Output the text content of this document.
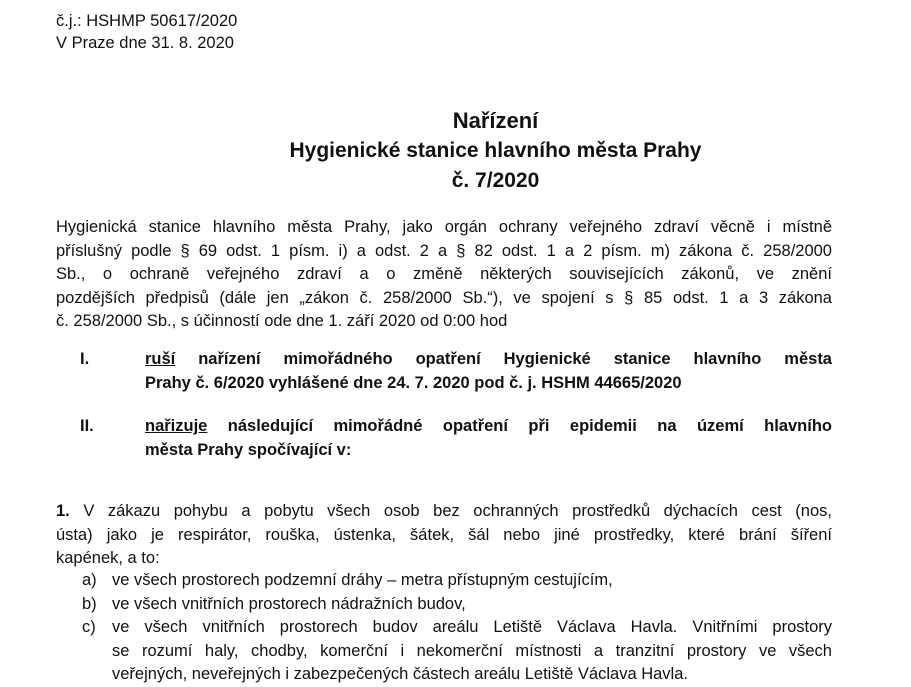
č.j.: HSHMP 50617/2020
V Praze dne 31. 8. 2020
Nařízení
Hygienické stanice hlavního města Prahy
č. 7/2020
Hygienická stanice hlavního města Prahy, jako orgán ochrany veřejného zdraví věcně i místně
příslušný podle § 69 odst. 1 písm. i) a odst. 2 a § 82 odst. 1 a 2 písm. m) zákona č. 258/2000
Sb., o ochraně veřejného zdraví a o změně některých souvisejících zákonů, ve znění
pozdějších předpisů (dále jen „zákon č. 258/2000 Sb.“), ve spojení s § 85 odst. 1 a 3 zákona
č. 258/2000 Sb., s účinností ode dne 1. září 2020 od 0:00 hod
I.	ruší nařízení mimořádného opatření Hygienické stanice hlavního města
Prahy č. 6/2020 vyhlášené dne 24. 7. 2020 pod č. j. HSHM 44665/2020
II.	nařizuje následující mimořádné opatření při epidemii na území hlavního
města Prahy spočívající v:
1. V zákazu pohybu a pobytu všech osob bez ochranných prostředků dýchacích cest (nos,
ústa) jako je respirátor, rouška, ústenka, šátek, šál nebo jiné prostředky, které brání šíření
kapének, a to:
a) ve všech prostorech podzemní dráhy – metra přístupným cestujícím,
b) ve všech vnitřních prostorech nádražních budov,
c) ve všech vnitřních prostorech budov areálu Letiště Václava Havla. Vnitřními prostory
se rozumí haly, chodby, komerční i nekomerční místnosti a tranzitní prostory ve všech
veřejných, neveřejných i zabezpečených částech areálu Letiště Václava Havla.
